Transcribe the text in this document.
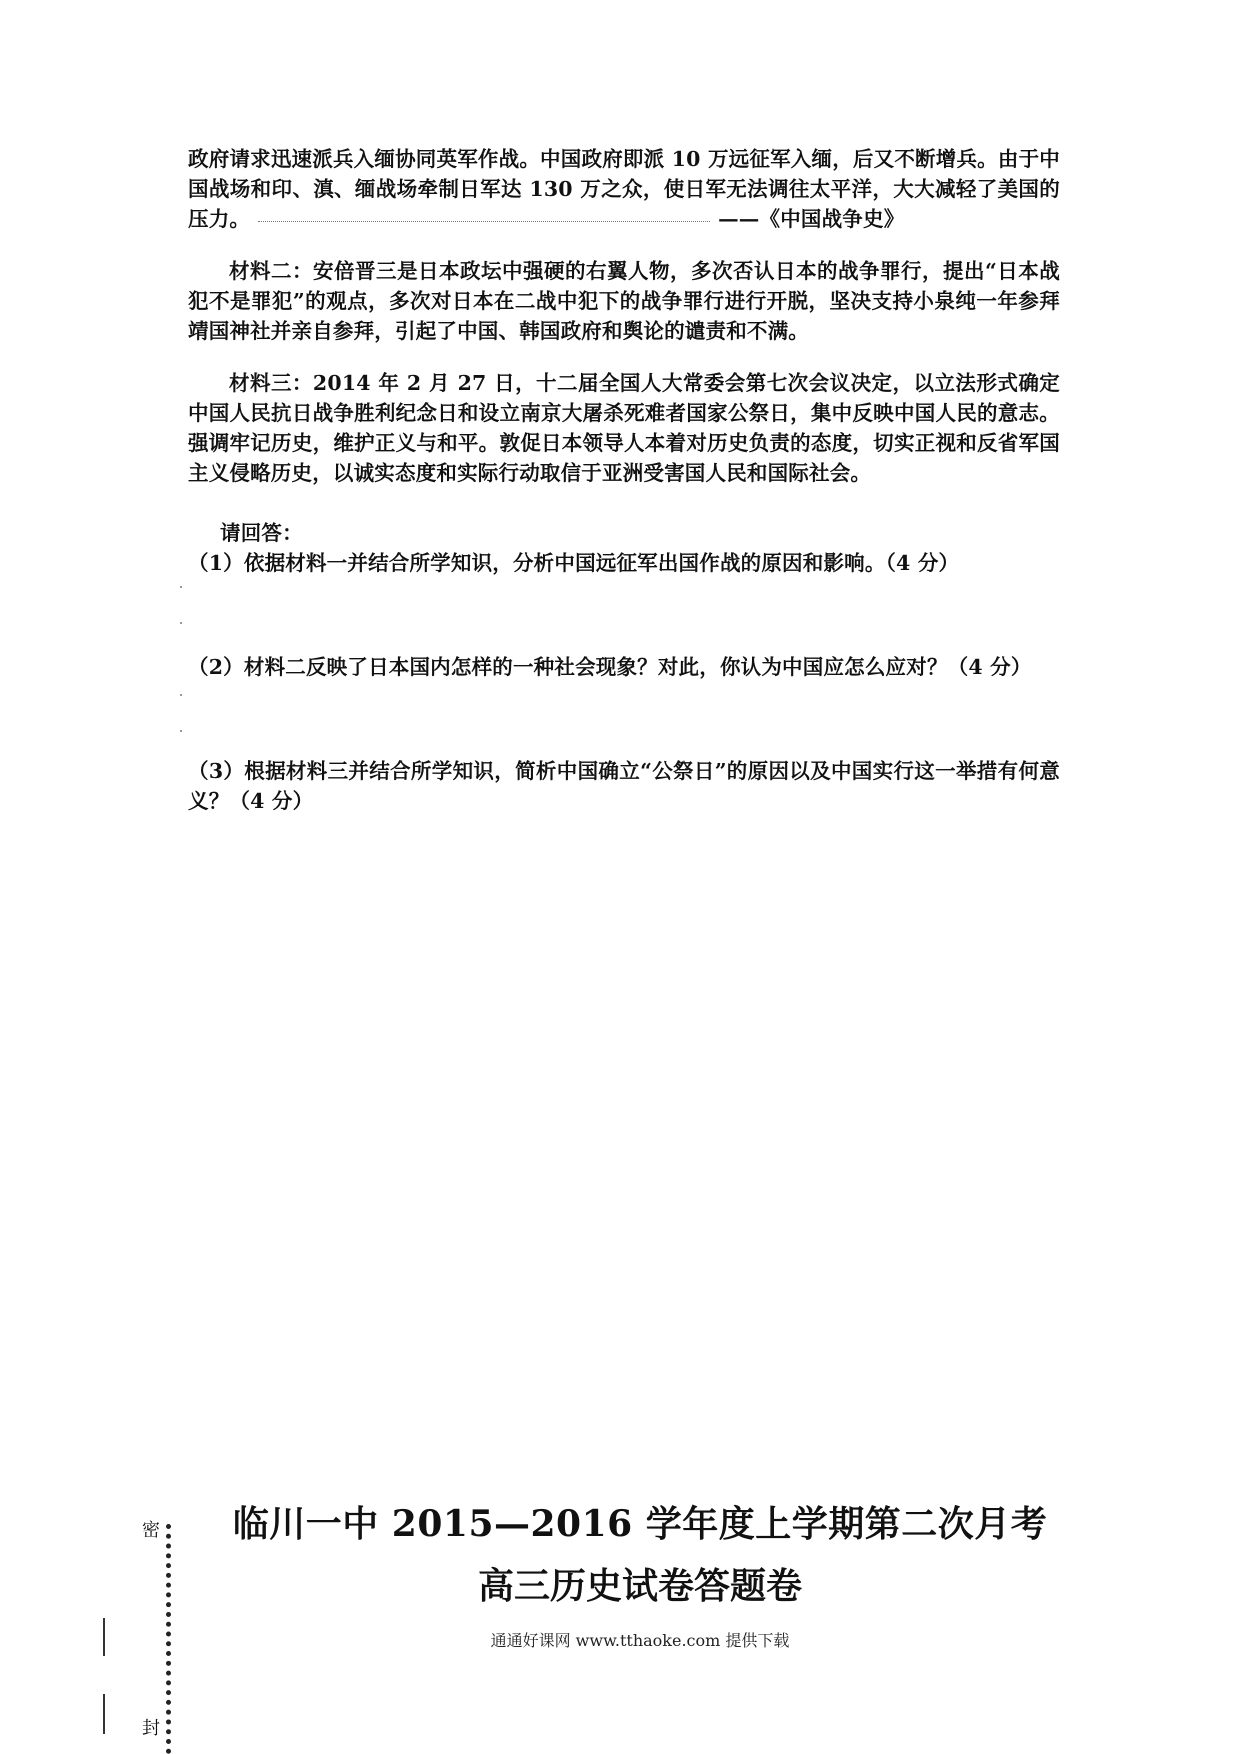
政府请求迅速派兵入缅协同英军作战。中国政府即派 10 万远征军入缅，后又不断增兵。由于中国战场和印、滇、缅战场牵制日军达 130 万之众，使日军无法调往太平洋，大大减轻了美国的压力。	——《中国战争史》

材料二：安倍晋三是日本政坛中强硬的右翼人物，多次否认日本的战争罪行，提出“日本战犯不是罪犯”的观点，多次对日本在二战中犯下的战争罪行进行开脱，坚决支持小泉纯一年参拜靖国神社并亲自参拜，引起了中国、韩国政府和舆论的谴责和不满。

材料三：2014 年 2 月 27 日，十二届全国人大常委会第七次会议决定，以立法形式确定中国人民抗日战争胜利纪念日和设立南京大屠杀死难者国家公祭日，集中反映中国人民的意志。强调牢记历史，维护正义与和平。敦促日本领导人本着对历史负责的态度，切实正视和反省军国主义侵略历史，以诚实态度和实际行动取信于亚洲受害国人民和国际社会。

请回答：

（1）依据材料一并结合所学知识，分析中国远征军出国作战的原因和影响。（4 分）

（2）材料二反映了日本国内怎样的一种社会现象？对此，你认为中国应怎么应对？（4 分）

（3）根据材料三并结合所学知识，简析中国确立“公祭日”的原因以及中国实行这一举措有何意义？（4 分）

临川一中 2015—2016 学年度上学期第二次月考
高三历史试卷答题卷
通通好课网 www.tthaoke.com 提供下载
密
封
